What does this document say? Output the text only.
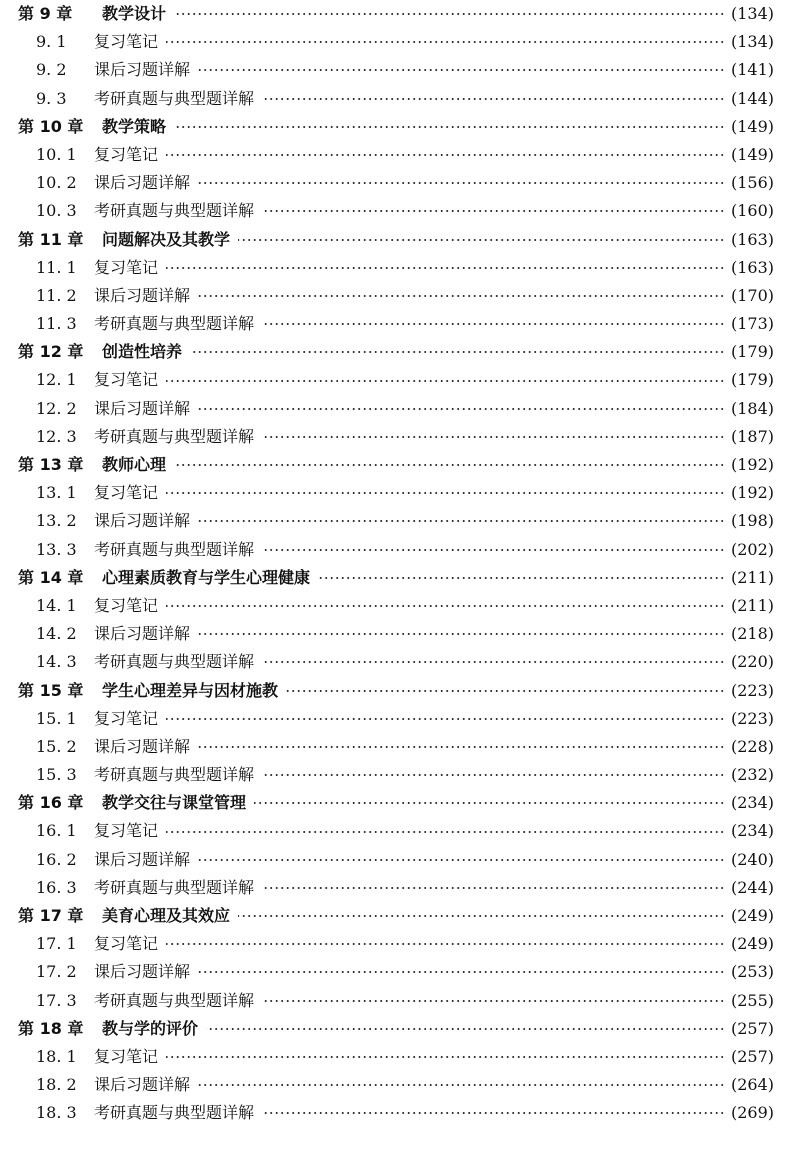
第 9 章	教学设计	(134)
9. 1	复习笔记	(134)
9. 2	课后习题详解	(141)
9. 3	考研真题与典型题详解	(144)
第 10 章	教学策略	(149)
10. 1	复习笔记	(149)
10. 2	课后习题详解	(156)
10. 3	考研真题与典型题详解	(160)
第 11 章	问题解决及其教学	(163)
11. 1	复习笔记	(163)
11. 2	课后习题详解	(170)
11. 3	考研真题与典型题详解	(173)
第 12 章	创造性培养	(179)
12. 1	复习笔记	(179)
12. 2	课后习题详解	(184)
12. 3	考研真题与典型题详解	(187)
第 13 章	教师心理	(192)
13. 1	复习笔记	(192)
13. 2	课后习题详解	(198)
13. 3	考研真题与典型题详解	(202)
第 14 章	心理素质教育与学生心理健康	(211)
14. 1	复习笔记	(211)
14. 2	课后习题详解	(218)
14. 3	考研真题与典型题详解	(220)
第 15 章	学生心理差异与因材施教	(223)
15. 1	复习笔记	(223)
15. 2	课后习题详解	(228)
15. 3	考研真题与典型题详解	(232)
第 16 章	教学交往与课堂管理	(234)
16. 1	复习笔记	(234)
16. 2	课后习题详解	(240)
16. 3	考研真题与典型题详解	(244)
第 17 章	美育心理及其效应	(249)
17. 1	复习笔记	(249)
17. 2	课后习题详解	(253)
17. 3	考研真题与典型题详解	(255)
第 18 章	教与学的评价	(257)
18. 1	复习笔记	(257)
18. 2	课后习题详解	(264)
18. 3	考研真题与典型题详解	(269)
